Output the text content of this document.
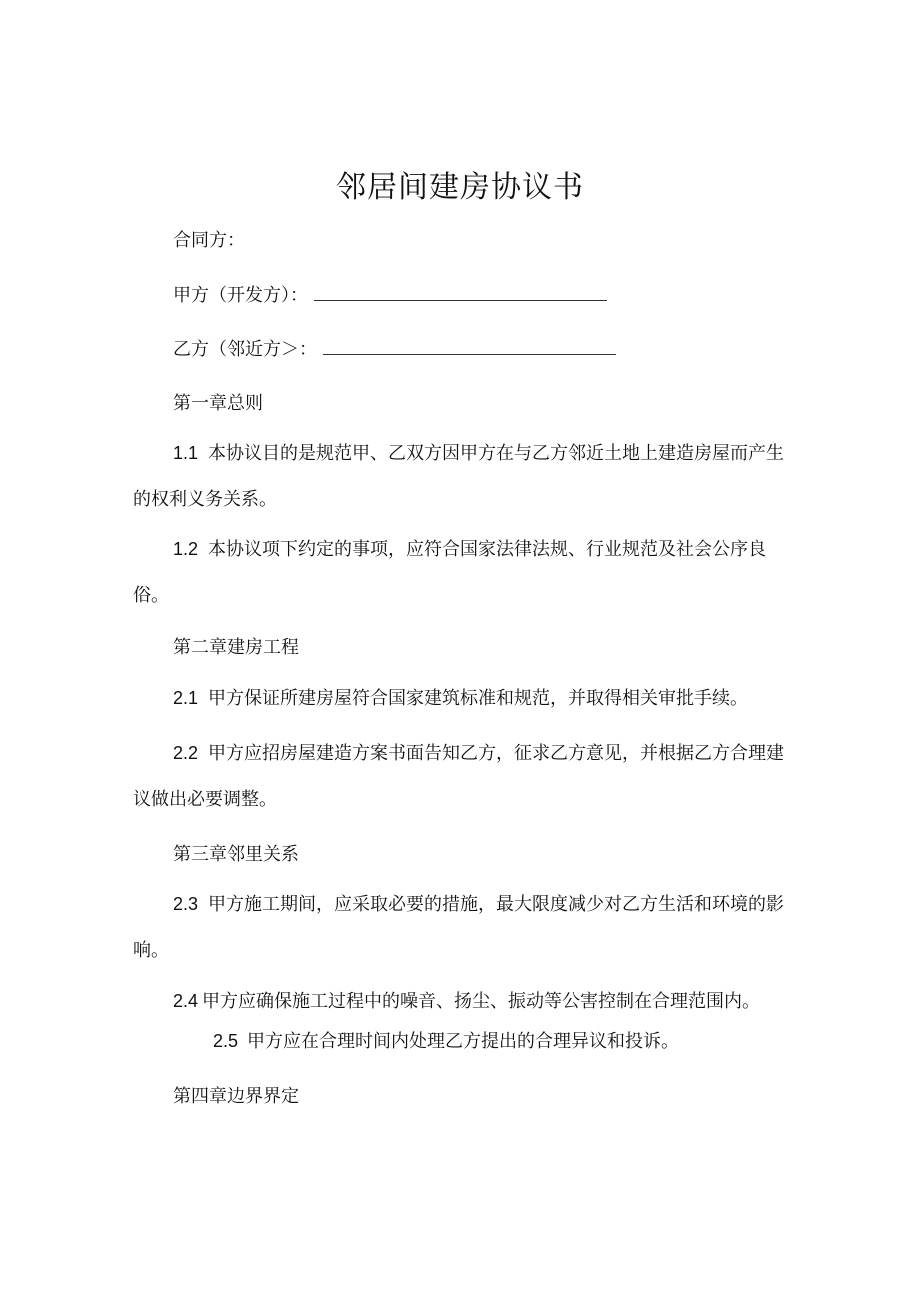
邻居间建房协议书
合同方：
甲方（开发方）：
乙方（邻近方＞：
第一章总则
1.1 本协议目的是规范甲、乙双方因甲方在与乙方邻近土地上建造房屋而产生的权利义务关系。
1.2 本协议项下约定的事项，应符合国家法律法规、行业规范及社会公序良俗。
第二章建房工程
2.1 甲方保证所建房屋符合国家建筑标准和规范，并取得相关审批手续。
2.2 甲方应招房屋建造方案书面告知乙方，征求乙方意见，并根据乙方合理建议做出必要调整。
第三章邻里关系
2.3 甲方施工期间，应采取必要的措施，最大限度减少对乙方生活和环境的影响。
2.4 甲方应确保施工过程中的噪音、扬尘、振动等公害控制在合理范围内。
2.5 甲方应在合理时间内处理乙方提出的合理异议和投诉。
第四章边界界定
